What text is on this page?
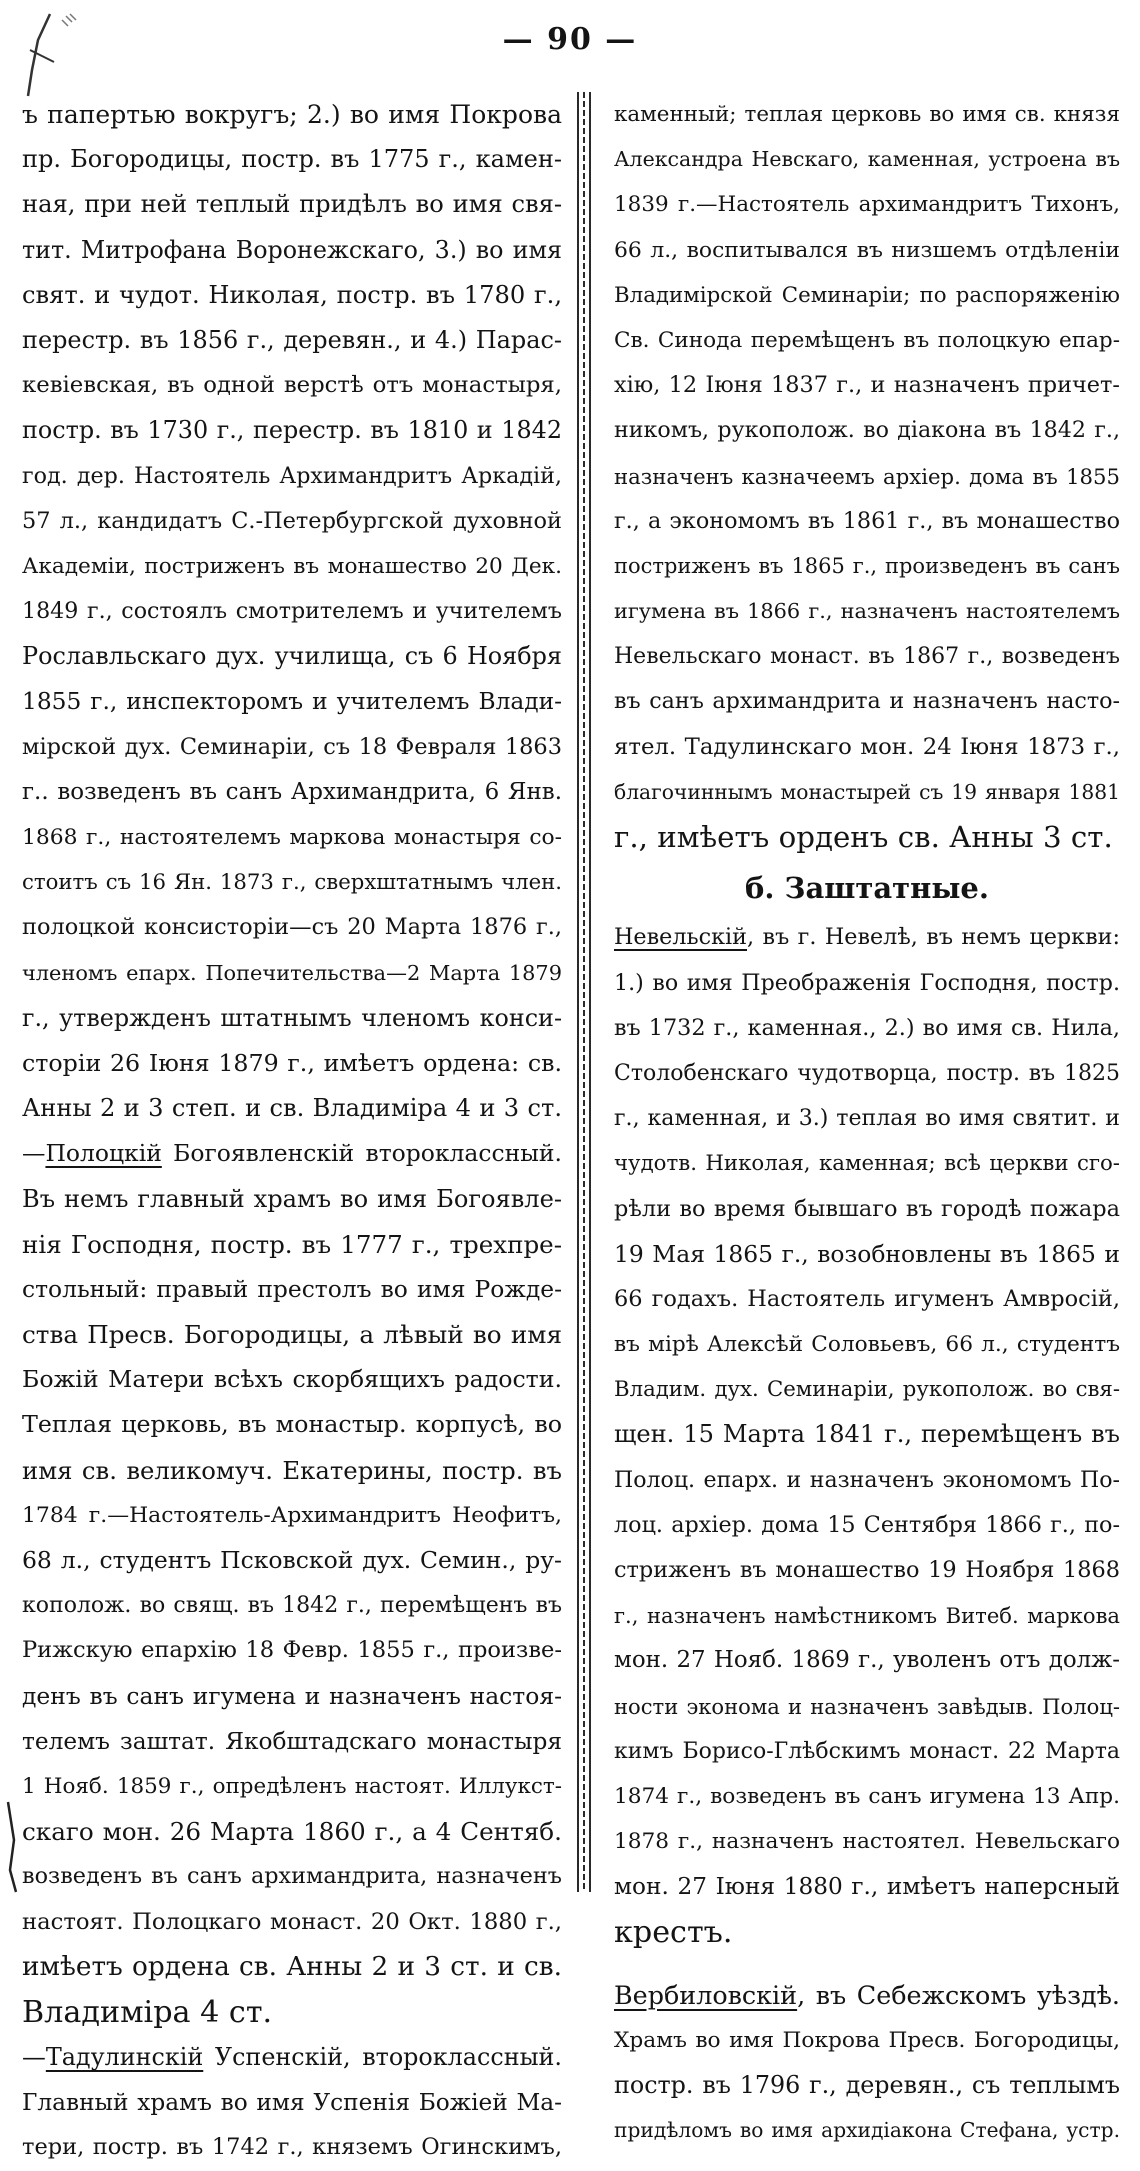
— 90 —
ъ папертью вокругъ; 2.) во имя Покрова
пр. Богородицы, постр. въ 1775 г., камен-
ная, при ней теплый придѣлъ во имя свя-
тит. Митрофана Воронежскаго, 3.) во имя
свят. и чудот. Николая, постр. въ 1780 г.,
перестр. въ 1856 г., деревян., и 4.) Парас-
кевіевская, въ одной верстѣ отъ монастыря,
постр. въ 1730 г., перестр. въ 1810 и 1842
год. дер. Настоятель Архимандритъ Аркадій,
57 л., кандидатъ С.-Петербургской духовной
Академіи, постриженъ въ монашество 20 Дек.
1849 г., состоялъ смотрителемъ и учителемъ
Рославльскаго дух. училища, съ 6 Ноября
1855 г., инспекторомъ и учителемъ Влади-
мірской дух. Семинаріи, съ 18 Февраля 1863
г.. возведенъ въ санъ Архимандрита, 6 Янв.
1868 г., настоятелемъ маркова монастыря со-
стоитъ съ 16 Ян. 1873 г., сверхштатнымъ член.
полоцкой консисторіи—съ 20 Марта 1876 г.,
членомъ епарх. Попечительства—2 Марта 1879
г., утвержденъ штатнымъ членомъ конси-
сторіи 26 Іюня 1879 г., имѣетъ ордена: св.
Анны 2 и 3 степ. и св. Владиміра 4 и 3 ст.
—Полоцкій Богоявленскій второклассный.
Въ немъ главный храмъ во имя Богоявле-
нія Господня, постр. въ 1777 г., трехпре-
стольный: правый престолъ во имя Рожде-
ства Пресв. Богородицы, а лѣвый во имя
Божій Матери всѣхъ скорбящихъ радости.
Теплая церковь, въ монастыр. корпусѣ, во
имя св. великомуч. Екатерины, постр. въ
1784 г.—Настоятель-Архимандритъ Неофитъ,
68 л., студентъ Псковской дух. Семин., ру-
кополож. во свящ. въ 1842 г., перемѣщенъ въ
Рижскую епархію 18 Февр. 1855 г., произве-
денъ въ санъ игумена и назначенъ настоя-
телемъ заштат. Якобштадскаго монастыря
1 Нояб. 1859 г., опредѣленъ настоят. Иллукст-
скаго мон. 26 Марта 1860 г., а 4 Сентяб.
возведенъ въ санъ архимандрита, назначенъ
настоят. Полоцкаго монаст. 20 Окт. 1880 г.,
имѣетъ ордена св. Анны 2 и 3 ст. и св.
Владиміра 4 ст.
—Тадулинскій Успенскій, второклассный.
Главный храмъ во имя Успенія Божіей Ма-
тери, постр. въ 1742 г., княземъ Огинскимъ,
каменный; теплая церковь во имя св. князя
Александра Невскаго, каменная, устроена въ
1839 г.—Настоятель архимандритъ Тихонъ,
66 л., воспитывался въ низшемъ отдѣленіи
Владимірской Семинаріи; по распоряженію
Св. Синода перемѣщенъ въ полоцкую епар-
хію, 12 Іюня 1837 г., и назначенъ причет-
никомъ, рукополож. во діакона въ 1842 г.,
назначенъ казначеемъ архіер. дома въ 1855
г., а экономомъ въ 1861 г., въ монашество
постриженъ въ 1865 г., произведенъ въ санъ
игумена въ 1866 г., назначенъ настоятелемъ
Невельскаго монаст. въ 1867 г., возведенъ
въ санъ архимандрита и назначенъ насто-
ятел. Тадулинскаго мон. 24 Іюня 1873 г.,
благочиннымъ монастырей съ 19 января 1881
г., имѣетъ орденъ св. Анны 3 ст.
б. Заштатные.
Невельскій, въ г. Невелѣ, въ немъ церкви:
1.) во имя Преображенія Господня, постр.
въ 1732 г., каменная., 2.) во имя св. Нила,
Столобенскаго чудотворца, постр. въ 1825
г., каменная, и 3.) теплая во имя святит. и
чудотв. Николая, каменная; всѣ церкви сго-
рѣли во время бывшаго въ городѣ пожара
19 Мая 1865 г., возобновлены въ 1865 и
66 годахъ. Настоятель игуменъ Амвросій,
въ мірѣ Алексѣй Соловьевъ, 66 л., студентъ
Владим. дух. Семинаріи, рукополож. во свя-
щен. 15 Марта 1841 г., перемѣщенъ въ
Полоц. епарх. и назначенъ экономомъ По-
лоц. архіер. дома 15 Сентября 1866 г., по-
стриженъ въ монашество 19 Ноября 1868
г., назначенъ намѣстникомъ Витеб. маркова
мон. 27 Нояб. 1869 г., уволенъ отъ долж-
ности эконома и назначенъ завѣдыв. Полоц-
кимъ Борисо-Глѣбскимъ монаст. 22 Марта
1874 г., возведенъ въ санъ игумена 13 Апр.
1878 г., назначенъ настоятел. Невельскаго
мон. 27 Іюня 1880 г., имѣетъ наперсный
крестъ.
Вербиловскій, въ Себежскомъ уѣздѣ.
Храмъ во имя Покрова Пресв. Богородицы,
постр. въ 1796 г., деревян., съ теплымъ
придѣломъ во имя архидіакона Стефана, устр.
